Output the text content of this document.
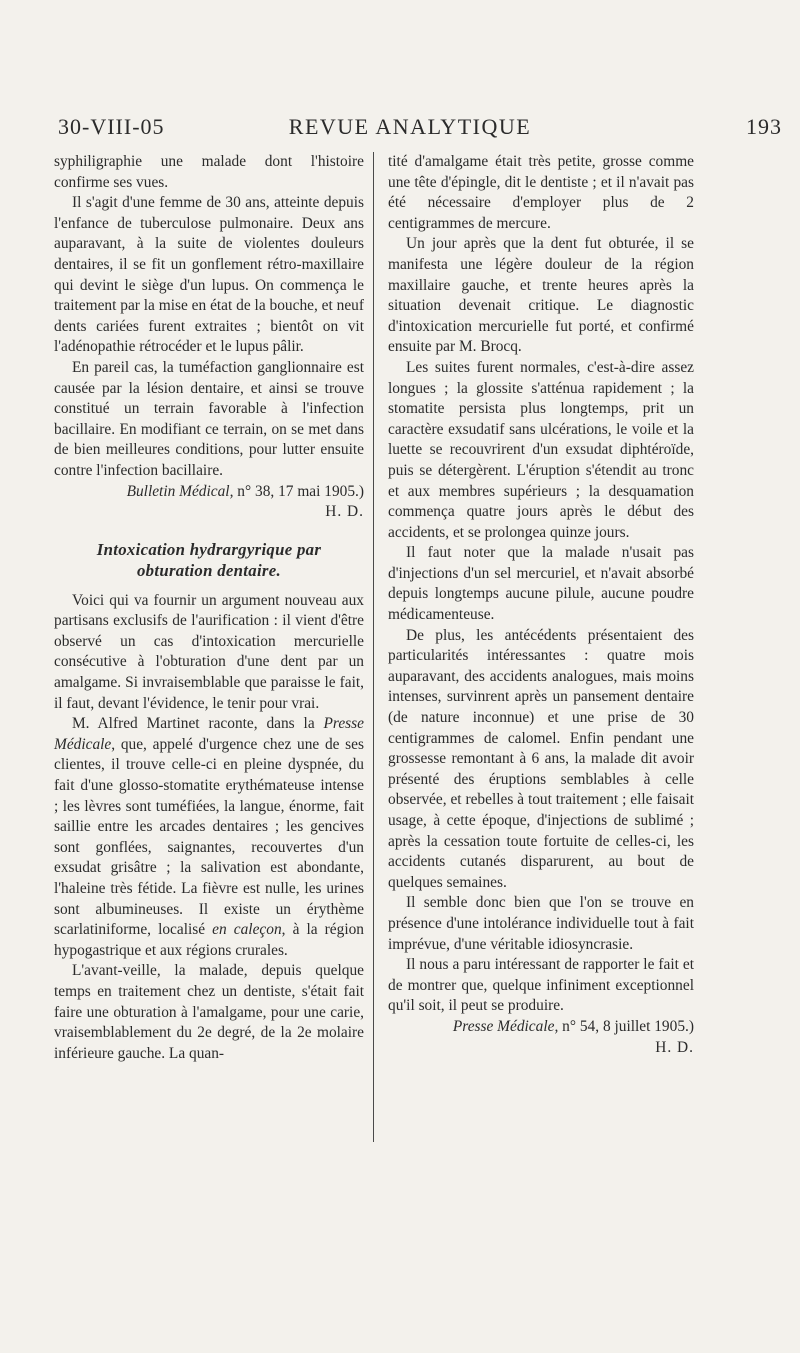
30-VIII-05	REVUE ANALYTIQUE	193

syphiligraphie une malade dont l'histoire confirme ses vues.

Il s'agit d'une femme de 30 ans, atteinte depuis l'enfance de tuberculose pulmonaire. Deux ans auparavant, à la suite de violentes douleurs dentaires, il se fit un gonflement rétro-maxillaire qui devint le siège d'un lupus. On commença le traitement par la mise en état de la bouche, et neuf dents cariées furent extraites ; bientôt on vit l'adénopathie rétrocéder et le lupus pâlir.

En pareil cas, la tuméfaction ganglionnaire est causée par la lésion dentaire, et ainsi se trouve constitué un terrain favorable à l'infection bacillaire. En modifiant ce terrain, on se met dans de bien meilleures conditions, pour lutter ensuite contre l'infection bacillaire.

Bulletin Médical, n° 38, 17 mai 1905.)

H. D.

Intoxication hydrargyrique par
obturation dentaire.

Voici qui va fournir un argument nouveau aux partisans exclusifs de l'aurification : il vient d'être observé un cas d'intoxication mercurielle consécutive à l'obturation d'une dent par un amalgame. Si invraisemblable que paraisse le fait, il faut, devant l'évidence, le tenir pour vrai.

M. Alfred Martinet raconte, dans la Presse Médicale, que, appelé d'urgence chez une de ses clientes, il trouve celle-ci en pleine dyspnée, du fait d'une glosso-stomatite erythémateuse intense ; les lèvres sont tuméfiées, la langue, énorme, fait saillie entre les arcades dentaires ; les gencives sont gonflées, saignantes, recouvertes d'un exsudat grisâtre ; la salivation est abondante, l'haleine très fétide. La fièvre est nulle, les urines sont albumineuses. Il existe un érythème scarlatiniforme, localisé en caleçon, à la région hypogastrique et aux régions crurales.

L'avant-veille, la malade, depuis quelque temps en traitement chez un dentiste, s'était fait faire une obturation à l'amalgame, pour une carie, vraisemblablement du 2e degré, de la 2e molaire inférieure gauche. La quan-

tité d'amalgame était très petite, grosse comme une tête d'épingle, dit le dentiste ; et il n'avait pas été nécessaire d'employer plus de 2 centigrammes de mercure.

Un jour après que la dent fut obturée, il se manifesta une légère douleur de la région maxillaire gauche, et trente heures après la situation devenait critique. Le diagnostic d'intoxication mercurielle fut porté, et confirmé ensuite par M. Brocq.

Les suites furent normales, c'est-à-dire assez longues ; la glossite s'atténua rapidement ; la stomatite persista plus longtemps, prit un caractère exsudatif sans ulcérations, le voile et la luette se recouvrirent d'un exsudat diphtéroïde, puis se détergèrent. L'éruption s'étendit au tronc et aux membres supérieurs ; la desquamation commença quatre jours après le début des accidents, et se prolongea quinze jours.

Il faut noter que la malade n'usait pas d'injections d'un sel mercuriel, et n'avait absorbé depuis longtemps aucune pilule, aucune poudre médicamenteuse.

De plus, les antécédents présentaient des particularités intéressantes : quatre mois auparavant, des accidents analogues, mais moins intenses, survinrent après un pansement dentaire (de nature inconnue) et une prise de 30 centigrammes de calomel. Enfin pendant une grossesse remontant à 6 ans, la malade dit avoir présenté des éruptions semblables à celle observée, et rebelles à tout traitement ; elle faisait usage, à cette époque, d'injections de sublimé ; après la cessation toute fortuite de celles-ci, les accidents cutanés disparurent, au bout de quelques semaines.

Il semble donc bien que l'on se trouve en présence d'une intolérance individuelle tout à fait imprévue, d'une véritable idiosyncrasie.

Il nous a paru intéressant de rapporter le fait et de montrer que, quelque infiniment exceptionnel qu'il soit, il peut se produire.

Presse Médicale, n° 54, 8 juillet 1905.)

H. D.
